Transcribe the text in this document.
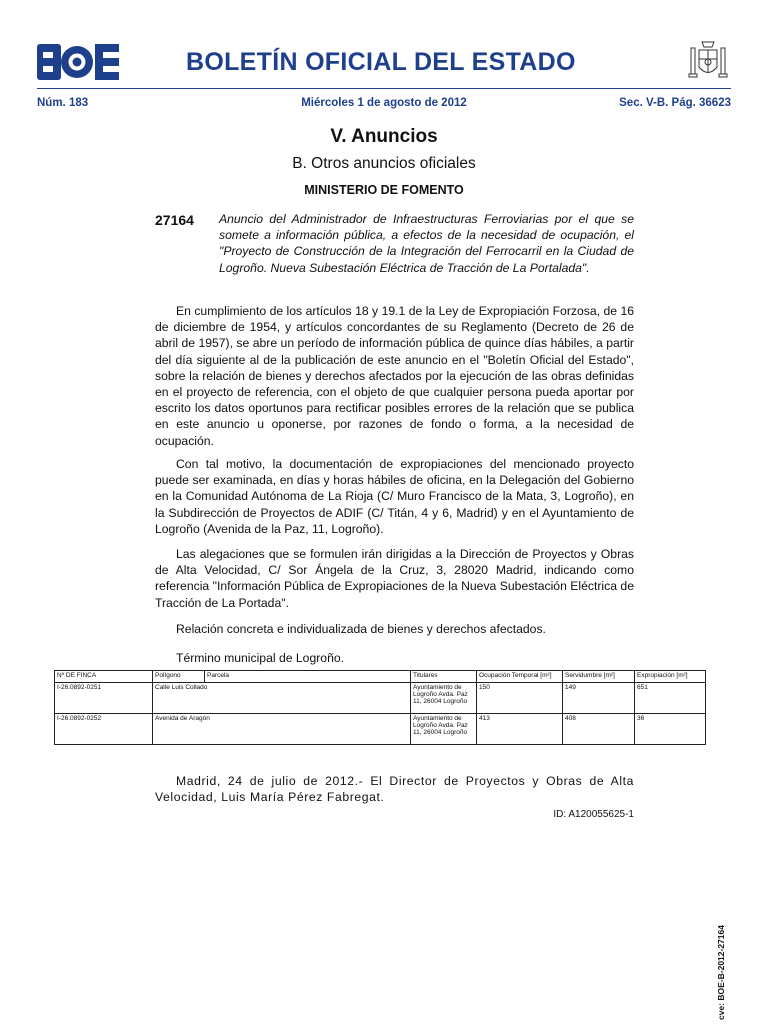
BOLETÍN OFICIAL DEL ESTADO
Núm. 183	Miércoles 1 de agosto de 2012	Sec. V-B. Pág. 36623
V. Anuncios
B. Otros anuncios oficiales
MINISTERIO DE FOMENTO
27164 Anuncio del Administrador de Infraestructuras Ferroviarias por el que se somete a información pública, a efectos de la necesidad de ocupación, el "Proyecto de Construcción de la Integración del Ferrocarril en la Ciudad de Logroño. Nueva Subestación Eléctrica de Tracción de La Portalada".
En cumplimiento de los artículos 18 y 19.1 de la Ley de Expropiación Forzosa, de 16 de diciembre de 1954, y artículos concordantes de su Reglamento (Decreto de 26 de abril de 1957), se abre un período de información pública de quince días hábiles, a partir del día siguiente al de la publicación de este anuncio en el "Boletín Oficial del Estado", sobre la relación de bienes y derechos afectados por la ejecución de las obras definidas en el proyecto de referencia, con el objeto de que cualquier persona pueda aportar por escrito los datos oportunos para rectificar posibles errores de la relación que se publica en este anuncio u oponerse, por razones de fondo o forma, a la necesidad de ocupación.
Con tal motivo, la documentación de expropiaciones del mencionado proyecto puede ser examinada, en días y horas hábiles de oficina, en la Delegación del Gobierno en la Comunidad Autónoma de La Rioja (C/ Muro Francisco de la Mata, 3, Logroño), en la Subdirección de Proyectos de ADIF (C/ Titán, 4 y 6, Madrid) y en el Ayuntamiento de Logroño (Avenida de la Paz, 11, Logroño).
Las alegaciones que se formulen irán dirigidas a la Dirección de Proyectos y Obras de Alta Velocidad, C/ Sor Ángela de la Cruz, 3, 28020 Madrid, indicando como referencia "Información Pública de Expropiaciones de la Nueva Subestación Eléctrica de Tracción de La Portada".
Relación concreta e individualizada de bienes y derechos afectados.
Término municipal de Logroño.
Nº DE FINCA	Polígono	Parcela	Titulares	Ocupación Temporal [m²]	Servidumbre [m²]	Expropiación [m²]
I-26.0892-0251	Calle Luis Collado		Ayuntamiento de Logroño Avda. Paz 11, 26004 Logroño	150	149	651
I-26.0892-0252	Avenida de Aragón		Ayuntamiento de Logroño Avda. Paz 11, 26004 Logroño	413	408	36
Madrid, 24 de julio de 2012.- El Director de Proyectos y Obras de Alta Velocidad, Luis María Pérez Fabregat.
ID: A120055625-1
cve: BOE-B-2012-27164
